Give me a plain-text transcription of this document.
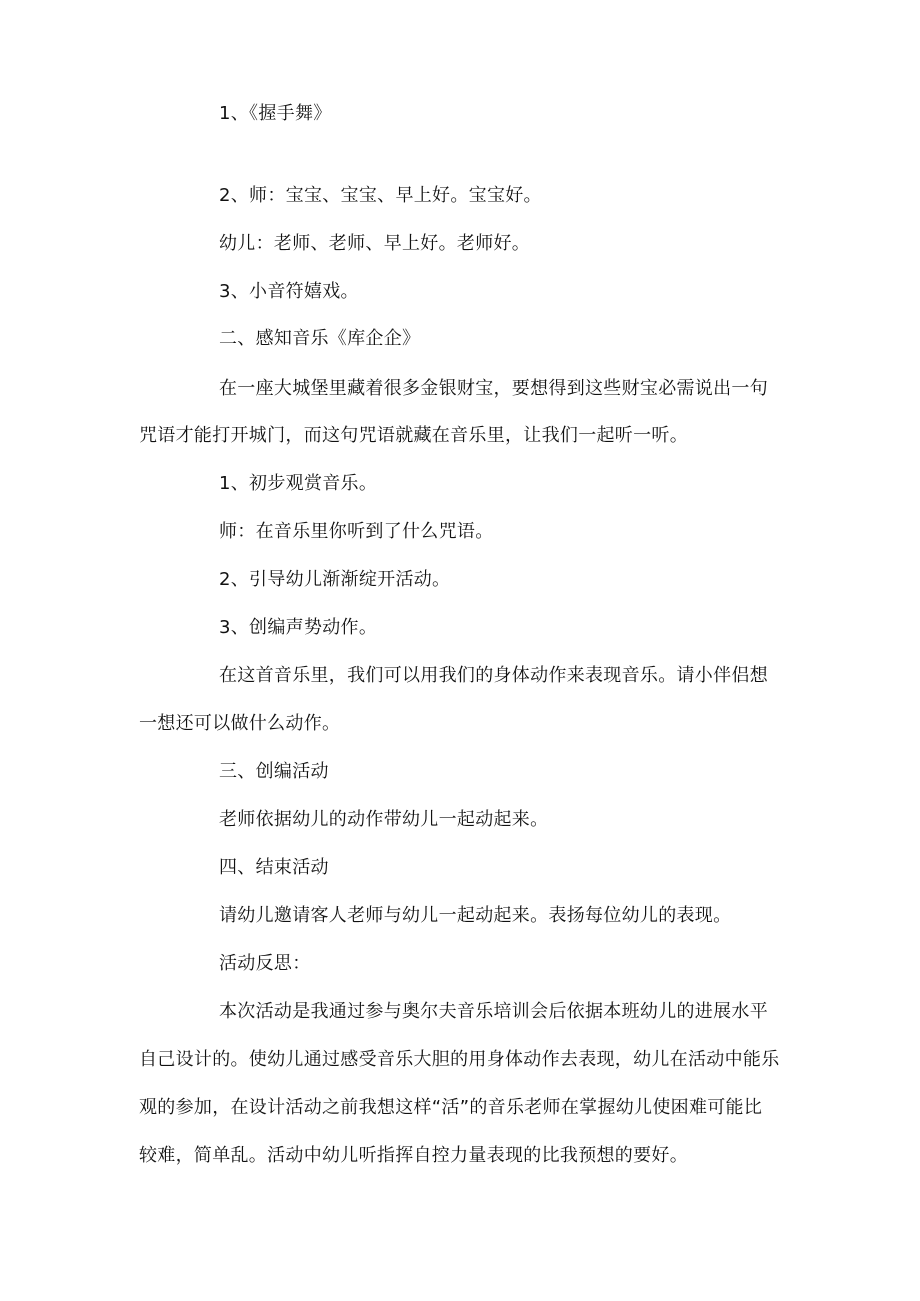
1、《握手舞》
2、师：宝宝、宝宝、早上好。宝宝好。
幼儿：老师、老师、早上好。老师好。
3、小音符嬉戏。
二、感知音乐《库企企》
在一座大城堡里藏着很多金银财宝，要想得到这些财宝必需说出一句
咒语才能打开城门，而这句咒语就藏在音乐里，让我们一起听一听。
1、初步观赏音乐。
师：在音乐里你听到了什么咒语。
2、引导幼儿渐渐绽开活动。
3、创编声势动作。
在这首音乐里，我们可以用我们的身体动作来表现音乐。请小伴侣想
一想还可以做什么动作。
三、创编活动
老师依据幼儿的动作带幼儿一起动起来。
四、结束活动
请幼儿邀请客人老师与幼儿一起动起来。表扬每位幼儿的表现。
活动反思：
本次活动是我通过参与奥尔夫音乐培训会后依据本班幼儿的进展水平
自己设计的。使幼儿通过感受音乐大胆的用身体动作去表现，幼儿在活动中能乐
观的参加，在设计活动之前我想这样“活”的音乐老师在掌握幼儿使困难可能比
较难，简单乱。活动中幼儿听指挥自控力量表现的比我预想的要好。
